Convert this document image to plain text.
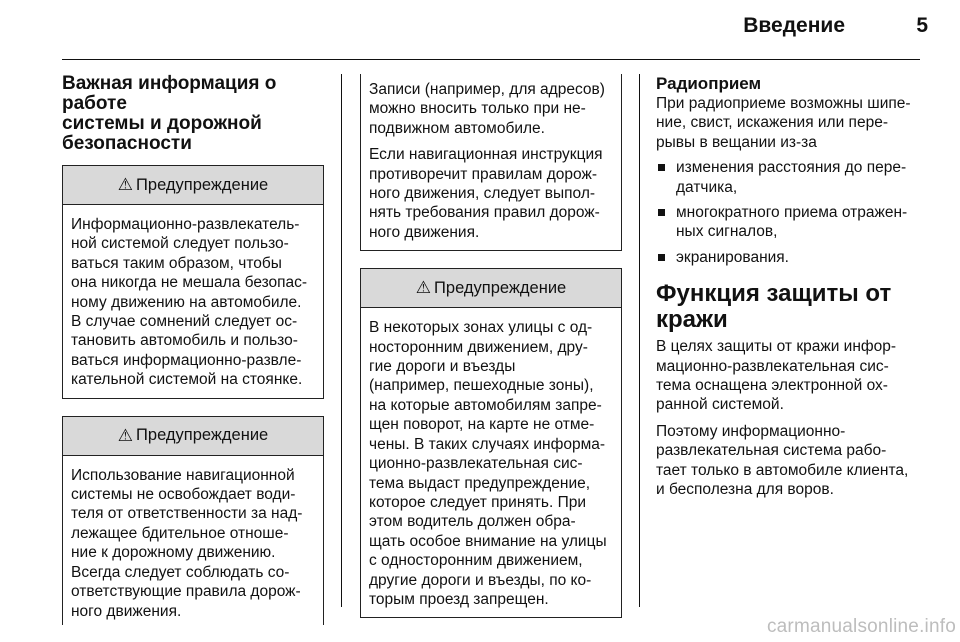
Введение	5
Важная информация о работе
системы и дорожной
безопасности
⚠ Предупреждение

Информационно-развлекатель-
ной системой следует пользо-
ваться таким образом, чтобы
она никогда не мешала безопас-
ному движению на автомобиле.
В случае сомнений следует ос-
тановить автомобиль и пользо-
ваться информационно-развле-
кательной системой на стоянке.

⚠ Предупреждение

Использование навигационной
системы не освобождает води-
теля от ответственности за над-
лежащее бдительное отноше-
ние к дорожному движению.
Всегда следует соблюдать со-
ответствующие правила дорож-
ного движения.

Записи (например, для адресов)
можно вносить только при не-
подвижном автомобиле.

Если навигационная инструкция
противоречит правилам дорож-
ного движения, следует выпол-
нять требования правил дорож-
ного движения.

⚠ Предупреждение

В некоторых зонах улицы с од-
носторонним движением, дру-
гие дороги и въезды
(например, пешеходные зоны),
на которые автомобилям запре-
щен поворот, на карте не отме-
чены. В таких случаях информа-
ционно-развлекательная сис-
тема выдаст предупреждение,
которое следует принять. При
этом водитель должен обра-
щать особое внимание на улицы
с односторонним движением,
другие дороги и въезды, по ко-
торым проезд запрещен.

Радиоприем

При радиоприеме возможны шипе-
ние, свист, искажения или пере-
рывы в вещании из-за

изменения расстояния до пере-
датчика,
многократного приема отражен-
ных сигналов,
экранирования.
Функция защиты от
кражи

В целях защиты от кражи инфор-
мационно-развлекательная сис-
тема оснащена электронной ох-
ранной системой.

Поэтому информационно-
развлекательная система рабо-
тает только в автомобиле клиента,
и бесполезна для воров.

carmanualsonline.info
